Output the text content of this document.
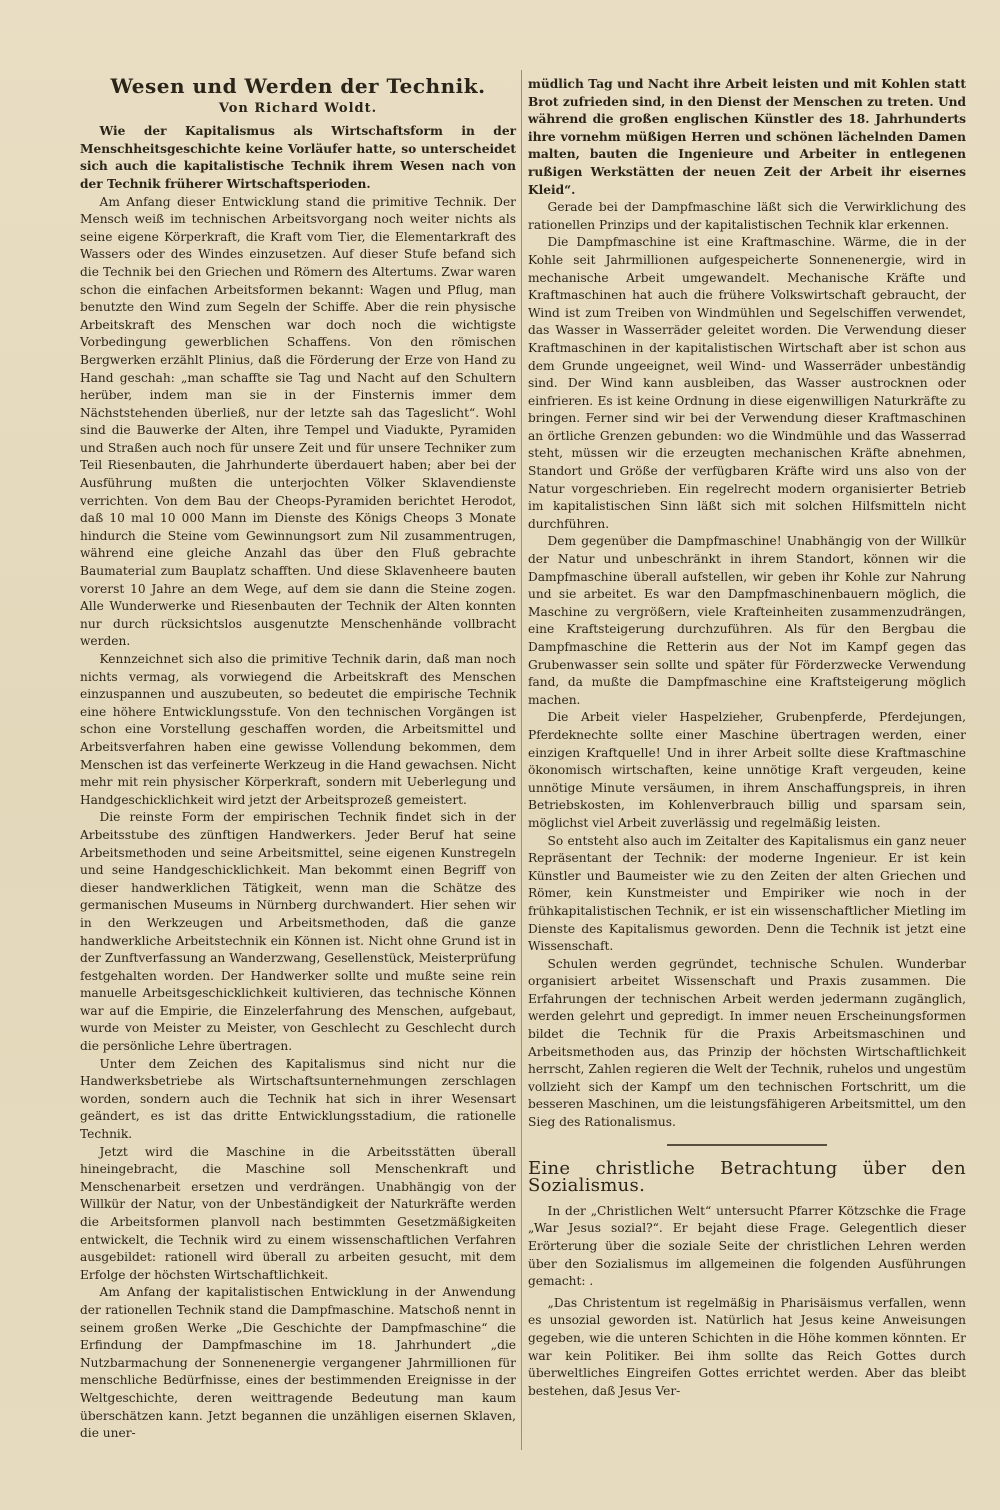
Wesen und Werden der Technik.
Von Richard Woldt.

Wie der Kapitalismus als Wirtschaftsform in der Menschheitsgeschichte keine Vorläufer hatte, so unterscheidet sich auch die kapitalistische Technik ihrem Wesen nach von der Technik früherer Wirtschaftsperioden.

Am Anfang dieser Entwicklung stand die primitive Technik. Der Mensch weiß im technischen Arbeitsvorgang noch weiter nichts als seine eigene Körperkraft, die Kraft vom Tier, die Elementarkraft des Wassers oder des Windes einzusetzen. Auf dieser Stufe befand sich die Technik bei den Griechen und Römern des Altertums. Zwar waren schon die einfachen Arbeitsformen bekannt: Wagen und Pflug, man benutzte den Wind zum Segeln der Schiffe. Aber die rein physische Arbeitskraft des Menschen war doch noch die wichtigste Vorbedingung gewerblichen Schaffens. Von den römischen Bergwerken erzählt Plinius, daß die Förderung der Erze von Hand zu Hand geschah: „man schaffte sie Tag und Nacht auf den Schultern herüber, indem man sie in der Finsternis immer dem Nächststehenden überließ, nur der letzte sah das Tageslicht“. Wohl sind die Bauwerke der Alten, ihre Tempel und Viadukte, Pyramiden und Straßen auch noch für unsere Zeit und für unsere Techniker zum Teil Riesenbauten, die Jahrhunderte überdauert haben; aber bei der Ausführung mußten die unterjochten Völker Sklavendienste verrichten. Von dem Bau der Cheops-Pyramiden berichtet Herodot, daß 10 mal 10 000 Mann im Dienste des Königs Cheops 3 Monate hindurch die Steine vom Gewinnungsort zum Nil zusammentrugen, während eine gleiche Anzahl das über den Fluß gebrachte Baumaterial zum Bauplatz schafften. Und diese Sklavenheere bauten vorerst 10 Jahre an dem Wege, auf dem sie dann die Steine zogen. Alle Wunderwerke und Riesenbauten der Technik der Alten konnten nur durch rücksichtslos ausgenutzte Menschenhände vollbracht werden.

Kennzeichnet sich also die primitive Technik darin, daß man noch nichts vermag, als vorwiegend die Arbeitskraft des Menschen einzuspannen und auszubeuten, so bedeutet die empirische Technik eine höhere Entwicklungsstufe. Von den technischen Vorgängen ist schon eine Vorstellung geschaffen worden, die Arbeitsmittel und Arbeitsverfahren haben eine gewisse Vollendung bekommen, dem Menschen ist das verfeinerte Werkzeug in die Hand gewachsen. Nicht mehr mit rein physischer Körperkraft, sondern mit Ueberlegung und Handgeschicklichkeit wird jetzt der Arbeitsprozeß gemeistert.

Die reinste Form der empirischen Technik findet sich in der Arbeitsstube des zünftigen Handwerkers. Jeder Beruf hat seine Arbeitsmethoden und seine Arbeitsmittel, seine eigenen Kunstregeln und seine Handgeschicklichkeit. Man bekommt einen Begriff von dieser handwerklichen Tätigkeit, wenn man die Schätze des germanischen Museums in Nürnberg durchwandert. Hier sehen wir in den Werkzeugen und Arbeitsmethoden, daß die ganze handwerkliche Arbeitstechnik ein Können ist. Nicht ohne Grund ist in der Zunftverfassung an Wanderzwang, Gesellenstück, Meisterprüfung festgehalten worden. Der Handwerker sollte und mußte seine rein manuelle Arbeitsgeschicklichkeit kultivieren, das technische Können war auf die Empirie, die Einzelerfahrung des Menschen, aufgebaut, wurde von Meister zu Meister, von Geschlecht zu Geschlecht durch die persönliche Lehre übertragen.

Unter dem Zeichen des Kapitalismus sind nicht nur die Handwerksbetriebe als Wirtschaftsunternehmungen zerschlagen worden, sondern auch die Technik hat sich in ihrer Wesensart geändert, es ist das dritte Entwicklungsstadium, die rationelle Technik.

Jetzt wird die Maschine in die Arbeitsstätten überall hineingebracht, die Maschine soll Menschenkraft und Menschenarbeit ersetzen und verdrängen. Unabhängig von der Willkür der Natur, von der Unbeständigkeit der Naturkräfte werden die Arbeitsformen planvoll nach bestimmten Gesetzmäßigkeiten entwickelt, die Technik wird zu einem wissenschaftlichen Verfahren ausgebildet: rationell wird überall zu arbeiten gesucht, mit dem Erfolge der höchsten Wirtschaftlichkeit.

Am Anfang der kapitalistischen Entwicklung in der Anwendung der rationellen Technik stand die Dampfmaschine. Matschoß nennt in seinem großen Werke „Die Geschichte der Dampfmaschine“ die Erfindung der Dampfmaschine im 18. Jahrhundert „die Nutzbarmachung der Sonnenenergie vergangener Jahrmillionen für menschliche Bedürfnisse, eines der bestimmenden Ereignisse in der Weltgeschichte, deren weittragende Bedeutung man kaum überschätzen kann. Jetzt begannen die unzähligen eisernen Sklaven, die uner-

müdlich Tag und Nacht ihre Arbeit leisten und mit Kohlen statt Brot zufrieden sind, in den Dienst der Menschen zu treten. Und während die großen englischen Künstler des 18. Jahrhunderts ihre vornehm müßigen Herren und schönen lächelnden Damen malten, bauten die Ingenieure und Arbeiter in entlegenen rußigen Werkstätten der neuen Zeit der Arbeit ihr eisernes Kleid“.

Gerade bei der Dampfmaschine läßt sich die Verwirklichung des rationellen Prinzips und der kapitalistischen Technik klar erkennen.

Die Dampfmaschine ist eine Kraftmaschine. Wärme, die in der Kohle seit Jahrmillionen aufgespeicherte Sonnenenergie, wird in mechanische Arbeit umgewandelt. Mechanische Kräfte und Kraftmaschinen hat auch die frühere Volkswirtschaft gebraucht, der Wind ist zum Treiben von Windmühlen und Segelschiffen verwendet, das Wasser in Wasserräder geleitet worden. Die Verwendung dieser Kraftmaschinen in der kapitalistischen Wirtschaft aber ist schon aus dem Grunde ungeeignet, weil Wind- und Wasserräder unbeständig sind. Der Wind kann ausbleiben, das Wasser austrocknen oder einfrieren. Es ist keine Ordnung in diese eigenwilligen Naturkräfte zu bringen. Ferner sind wir bei der Verwendung dieser Kraftmaschinen an örtliche Grenzen gebunden: wo die Windmühle und das Wasserrad steht, müssen wir die erzeugten mechanischen Kräfte abnehmen, Standort und Größe der verfügbaren Kräfte wird uns also von der Natur vorgeschrieben. Ein regelrecht modern organisierter Betrieb im kapitalistischen Sinn läßt sich mit solchen Hilfsmitteln nicht durchführen.

Dem gegenüber die Dampfmaschine! Unabhängig von der Willkür der Natur und unbeschränkt in ihrem Standort, können wir die Dampfmaschine überall aufstellen, wir geben ihr Kohle zur Nahrung und sie arbeitet. Es war den Dampfmaschinenbauern möglich, die Maschine zu vergrößern, viele Krafteinheiten zusammenzudrängen, eine Kraftsteigerung durchzuführen. Als für den Bergbau die Dampfmaschine die Retterin aus der Not im Kampf gegen das Grubenwasser sein sollte und später für Förderzwecke Verwendung fand, da mußte die Dampfmaschine eine Kraftsteigerung möglich machen.

Die Arbeit vieler Haspelzieher, Grubenpferde, Pferdejungen, Pferdeknechte sollte einer Maschine übertragen werden, einer einzigen Kraftquelle! Und in ihrer Arbeit sollte diese Kraftmaschine ökonomisch wirtschaften, keine unnötige Kraft vergeuden, keine unnötige Minute versäumen, in ihrem Anschaffungspreis, in ihren Betriebskosten, im Kohlenverbrauch billig und sparsam sein, möglichst viel Arbeit zuverlässig und regelmäßig leisten.

So entsteht also auch im Zeitalter des Kapitalismus ein ganz neuer Repräsentant der Technik: der moderne Ingenieur. Er ist kein Künstler und Baumeister wie zu den Zeiten der alten Griechen und Römer, kein Kunstmeister und Empiriker wie noch in der frühkapitalistischen Technik, er ist ein wissenschaftlicher Mietling im Dienste des Kapitalismus geworden. Denn die Technik ist jetzt eine Wissenschaft.

Schulen werden gegründet, technische Schulen. Wunderbar organisiert arbeitet Wissenschaft und Praxis zusammen. Die Erfahrungen der technischen Arbeit werden jedermann zugänglich, werden gelehrt und gepredigt. In immer neuen Erscheinungsformen bildet die Technik für die Praxis Arbeitsmaschinen und Arbeitsmethoden aus, das Prinzip der höchsten Wirtschaftlichkeit herrscht, Zahlen regieren die Welt der Technik, ruhelos und ungestüm vollzieht sich der Kampf um den technischen Fortschritt, um die besseren Maschinen, um die leistungsfähigeren Arbeitsmittel, um den Sieg des Rationalismus.

Eine christliche Betrachtung über den Sozialismus.

In der „Christlichen Welt“ untersucht Pfarrer Kötzschke die Frage „War Jesus sozial?“. Er bejaht diese Frage. Gelegentlich dieser Erörterung über die soziale Seite der christlichen Lehren werden über den Sozialismus im allgemeinen die folgenden Ausführungen gemacht: .

„Das Christentum ist regelmäßig in Pharisäismus verfallen, wenn es unsozial geworden ist. Natürlich hat Jesus keine Anweisungen gegeben, wie die unteren Schichten in die Höhe kommen könnten. Er war kein Politiker. Bei ihm sollte das Reich Gottes durch überweltliches Eingreifen Gottes errichtet werden. Aber das bleibt bestehen, daß Jesus Ver-
